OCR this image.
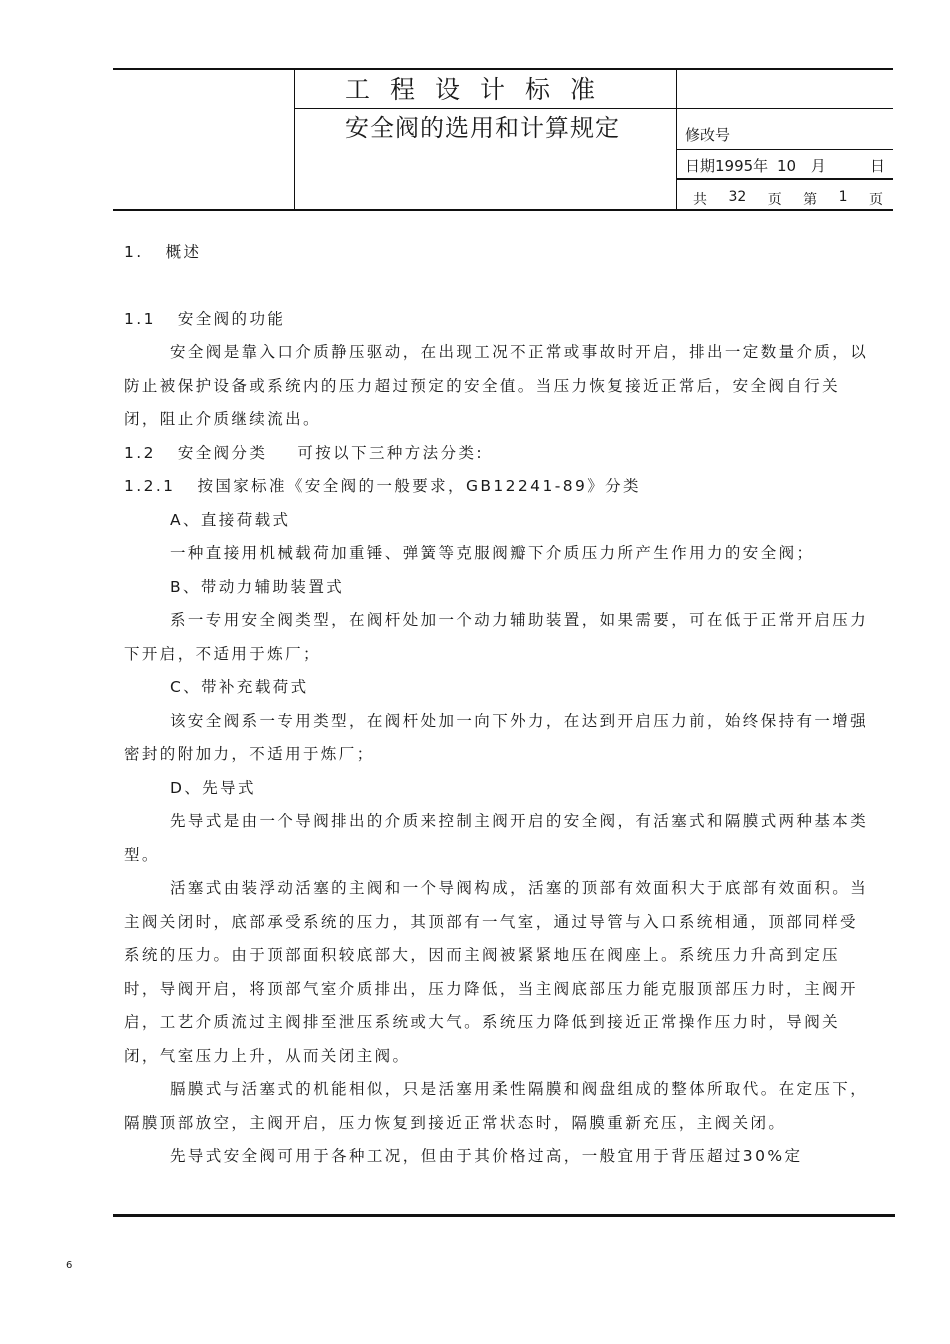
工程设计标准
安全阀的选用和计算规定	修改号
日期1995年 10 月	日
共 32 页 第 1 页

1. 概述

1.1 安全阀的功能

安全阀是靠入口介质静压驱动，在出现工况不正常或事故时开启，排出一定数量介质，以防止被保护设备或系统内的压力超过预定的安全值。当压力恢复接近正常后，安全阀自行关闭，阻止介质继续流出。

1.2 安全阀分类 可按以下三种方法分类:

1.2.1 按国家标准《安全阀的一般要求，GB12241-89》分类

A、直接荷载式

一种直接用机械载荷加重锤、弹簧等克服阀瓣下介质压力所产生作用力的安全阀；

B、带动力辅助装置式

系一专用安全阀类型，在阀杆处加一个动力辅助装置，如果需要，可在低于正常开启压力下开启，不适用于炼厂；

C、带补充载荷式

该安全阀系一专用类型，在阀杆处加一向下外力，在达到开启压力前，始终保持有一增强密封的附加力，不适用于炼厂；

D、先导式

先导式是由一个导阀排出的介质来控制主阀开启的安全阀，有活塞式和隔膜式两种基本类型。

活塞式由装浮动活塞的主阀和一个导阀构成，活塞的顶部有效面积大于底部有效面积。当主阀关闭时，底部承受系统的压力，其顶部有一气室，通过导管与入口系统相通，顶部同样受系统的压力。由于顶部面积较底部大，因而主阀被紧紧地压在阀座上。系统压力升高到定压时，导阀开启，将顶部气室介质排出，压力降低，当主阀底部压力能克服顶部压力时，主阀开启，工艺介质流过主阀排至泄压系统或大气。系统压力降低到接近正常操作压力时，导阀关闭，气室压力上升，从而关闭主阀。

膈膜式与活塞式的机能相似，只是活塞用柔性隔膜和阀盘组成的整体所取代。在定压下，隔膜顶部放空，主阀开启，压力恢复到接近正常状态时，隔膜重新充压，主阀关闭。

先导式安全阀可用于各种工况，但由于其价格过高，一般宜用于背压超过30%定

6
